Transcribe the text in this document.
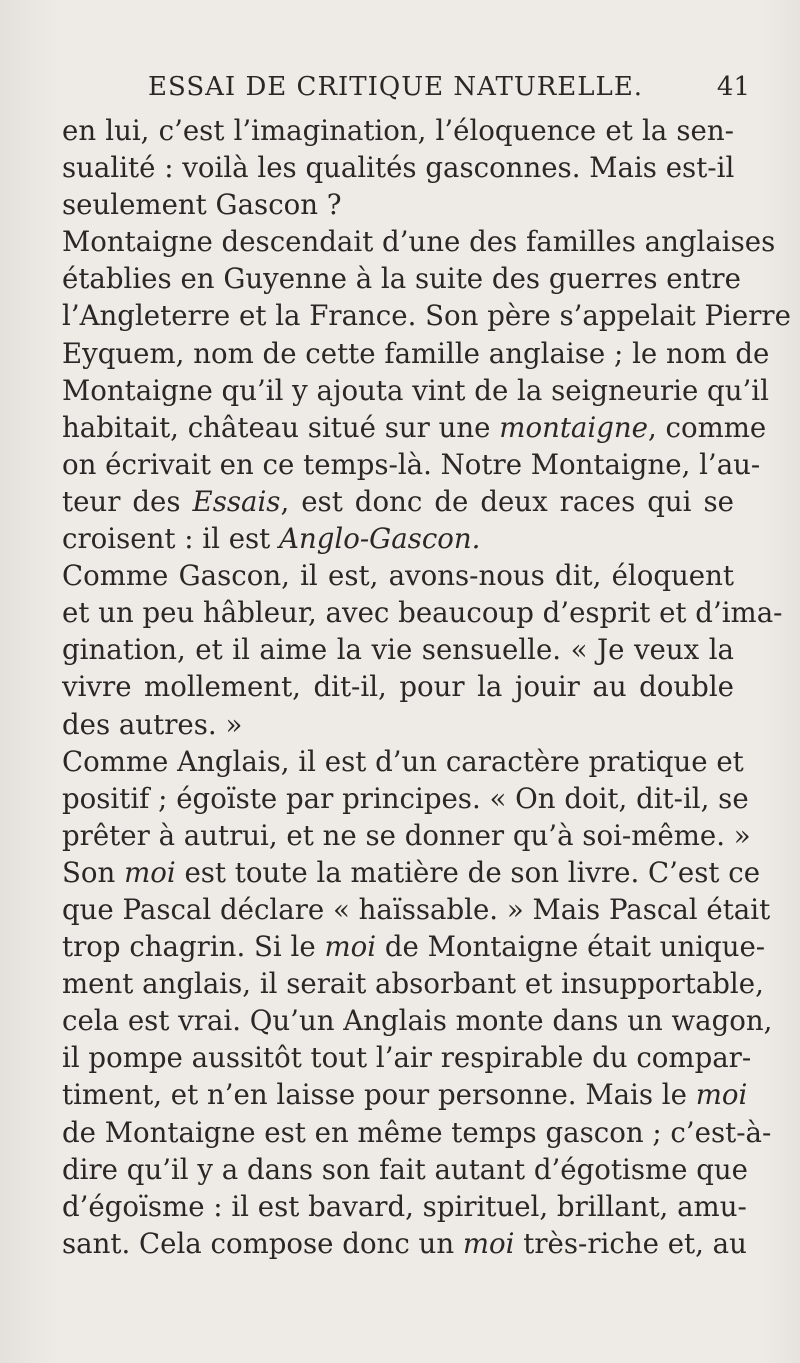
ESSAI DE CRITIQUE NATURELLE.	41
en lui, c’est l’imagination, l’éloquence et la sen-
sualité : voilà les qualités gasconnes. Mais est-il
seulement Gascon ?
Montaigne descendait d’une des familles anglaises
établies en Guyenne à la suite des guerres entre
l’Angleterre et la France. Son père s’appelait Pierre
Eyquem, nom de cette famille anglaise ; le nom de
Montaigne qu’il y ajouta vint de la seigneurie qu’il
habitait, château situé sur une montaigne, comme
on écrivait en ce temps-là. Notre Montaigne, l’au-
teur des Essais, est donc de deux races qui se
croisent : il est Anglo-Gascon.
Comme Gascon, il est, avons-nous dit, éloquent
et un peu hâbleur, avec beaucoup d’esprit et d’ima-
gination, et il aime la vie sensuelle. « Je veux la
vivre mollement, dit-il, pour la jouir au double
des autres. »
Comme Anglais, il est d’un caractère pratique et
positif ; égoïste par principes. « On doit, dit-il, se
prêter à autrui, et ne se donner qu’à soi-même. »
Son moi est toute la matière de son livre. C’est ce
que Pascal déclare « haïssable. » Mais Pascal était
trop chagrin. Si le moi de Montaigne était unique-
ment anglais, il serait absorbant et insupportable,
cela est vrai. Qu’un Anglais monte dans un wagon,
il pompe aussitôt tout l’air respirable du compar-
timent, et n’en laisse pour personne. Mais le moi
de Montaigne est en même temps gascon ; c’est-à-
dire qu’il y a dans son fait autant d’égotisme que
d’égoïsme : il est bavard, spirituel, brillant, amu-
sant. Cela compose donc un moi très-riche et, au
